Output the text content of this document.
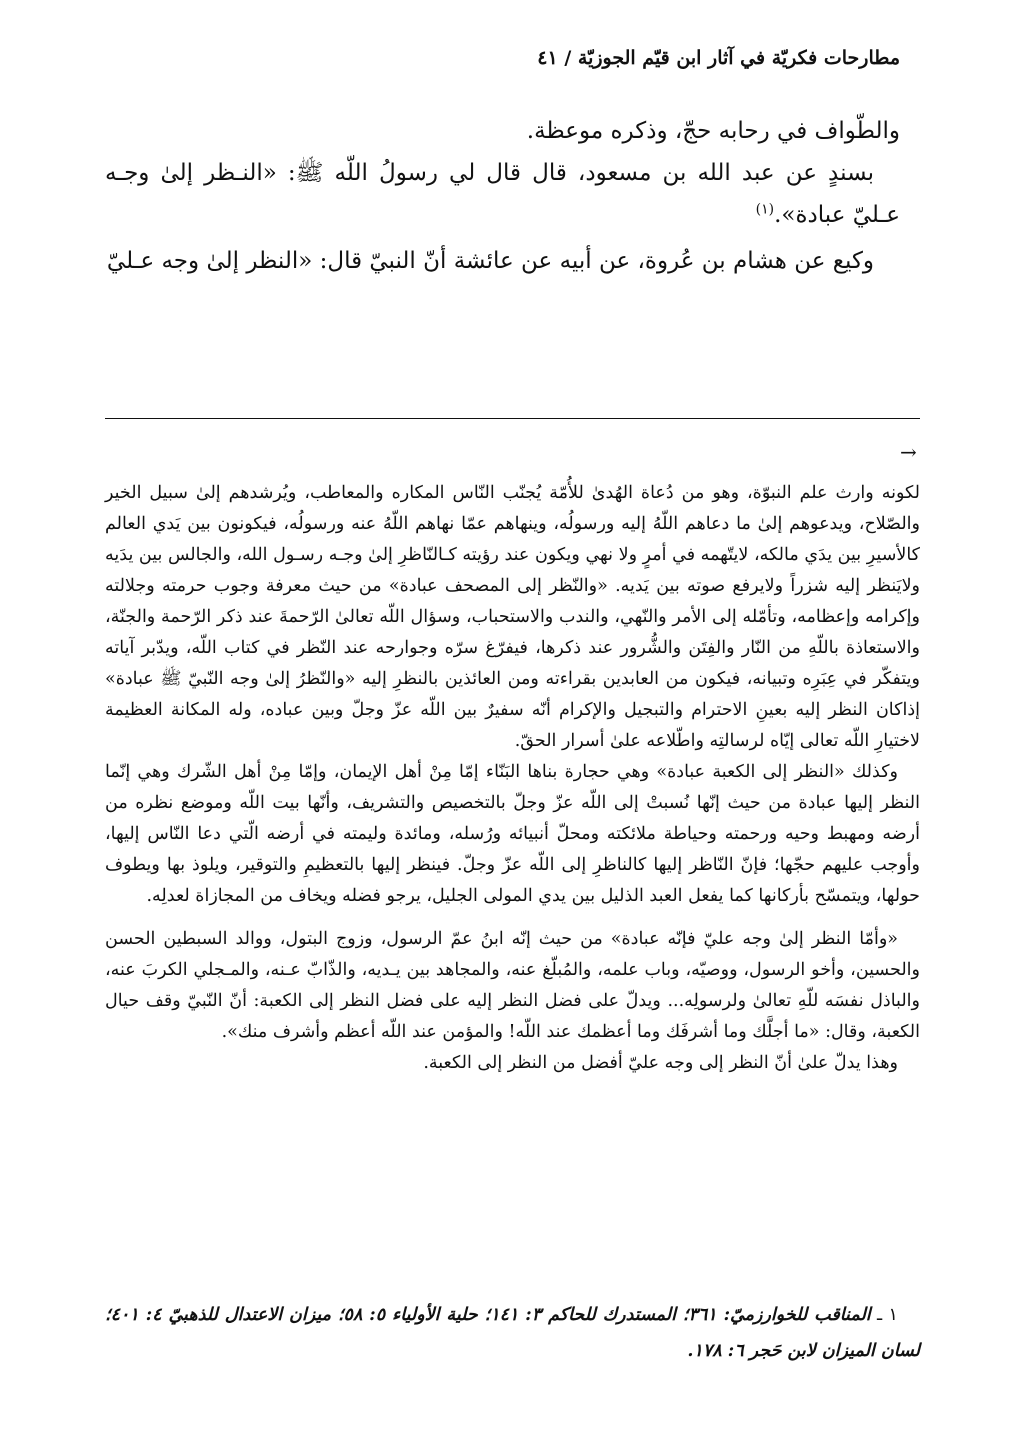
مطارحات فكريّة في آثار ابن قيّم الجوزيّة / ٤١

والطّواف في رحابه حجّ، وذكره موعظة.

بسندٍ عن عبد الله بن مسعود، قال قال لي رسولُ اللّه ﷺ: «النـظر إلىٰ وجـه عـليّ عبادة».$^{(١)}$

وكيع عن هشام بن عُروة، عن أبيه عن عائشة أنّ النبيّ قال: «النظر إلىٰ وجه عـليّ

→

لكونه وارث علم النبوّة، وهو من دُعاة الهُدىٰ للأُمّة يُجنّب النّاس المكاره والمعاطب، ويُرشدهم إلىٰ سبيل الخير والصّلاح، ويدعوهم إلىٰ ما دعاهم اللّهُ إليه ورسولُه، وينهاهم عمّا نهاهم اللّهُ عنه ورسولُه، فيكونون بين يَدي العالم كالأسيرِ بين يدَي مالكه، لايتّهمه في أمرٍ ولا نهي ويكون عند رؤيته كـالنّاظرِ إلىٰ وجـه رسـول الله، والجالس بين يدَيه ولايَنظر إليه شزراً ولايرفع صوته بين يَديه. «والنّظر إلى المصحف عبادة» من حيث معرفة وجوب حرمته وجلالته وإكرامه وإعظامه، وتأمّله إلى الأمر والنّهي، والندب والاستحباب، وسؤال اللّه تعالىٰ الرّحمةَ عند ذكر الرّحمة والجنّة، والاستعاذة باللّهِ من النّار والفِتَن والشُّرور عند ذكرها، فيفرّغ سرّه وجوارحه عند النّظر في كتاب اللّه، ويدّبر آياته ويتفكّر في عِبَرِه وتبيانه، فيكون من العابدين بقراءته ومن العائذين بالنظرِ إليه «والنّظرُ إلىٰ وجه النّبيّ ﷺ عبادة» إذاكان النظر إليه بعينِ الاحترام والتبجيل والإكرام أنّه سفيرٌ بين اللّه عزّ وجلّ وبين عباده، وله المكانة العظيمة لاختيارِ اللّه تعالى إيّاه لرسالتِه واطّلاعه علىٰ أسرار الحقّ.

وكذلك «النظر إلى الكعبة عبادة» وهي حجارة بناها البَنّاء إمّا مِنْ أهل الإيمان، وإمّا مِنْ أهل الشّرك وهي إنّما النظر إليها عبادة من حيث إنّها نُسبتْ إلى اللّه عزّ وجلّ بالتخصيص والتشريف، وأنّها بيت اللّه وموضع نظره من أرضه ومهبط وحيه ورحمته وحياطة ملائكته ومحلّ أنبيائه ورُسله، ومائدة وليمته في أرضه الّتي دعا النّاس إليها، وأوجب عليهم حجّها؛ فإنّ النّاظر إليها كالناظرِ إلى اللّه عزّ وجلّ. فينظر إليها بالتعظيمِ والتوقير، ويلوذ بها ويطوف حولها، ويتمسّح بأركانها كما يفعل العبد الذليل بين يدي المولى الجليل، يرجو فضله ويخاف من المجازاة لعدلِه.

«وأمّا النظر إلىٰ وجه عليّ فإنّه عبادة» من حيث إنّه ابنُ عمّ الرسول، وزوج البتول، ووالد السبطين الحسن والحسين، وأخو الرسول، ووصيّه، وباب علمه، والمُبلّغ عنه، والمجاهد بين يـديه، والذّابّ عـنه، والمـجلي الكربَ عنه، والباذل نفسَه للّهِ تعالىٰ ولرسولِه... ويدلّ على فضل النظر إليه على فضل النظر إلى الكعبة: أنّ النّبيّ وقف حيال الكعبة، وقال: «ما أجلَّك وما أشرفَك وما أعظمك عند اللّه! والمؤمن عند اللّه أعظم وأشرف منك».

وهذا يدلّ علىٰ أنّ النظر إلى وجه عليّ أفضل من النظر إلى الكعبة.

١ ـ المناقب للخوارزميّ: ٣٦١؛ المستدرك للحاكم ٣: ١٤١؛ حلية الأولياء ٥: ٥٨؛ ميزان الاعتدال للذهبيّ ٤: ٤٠١؛ لسان الميزان لابن حَجر ٦: ١٧٨.
